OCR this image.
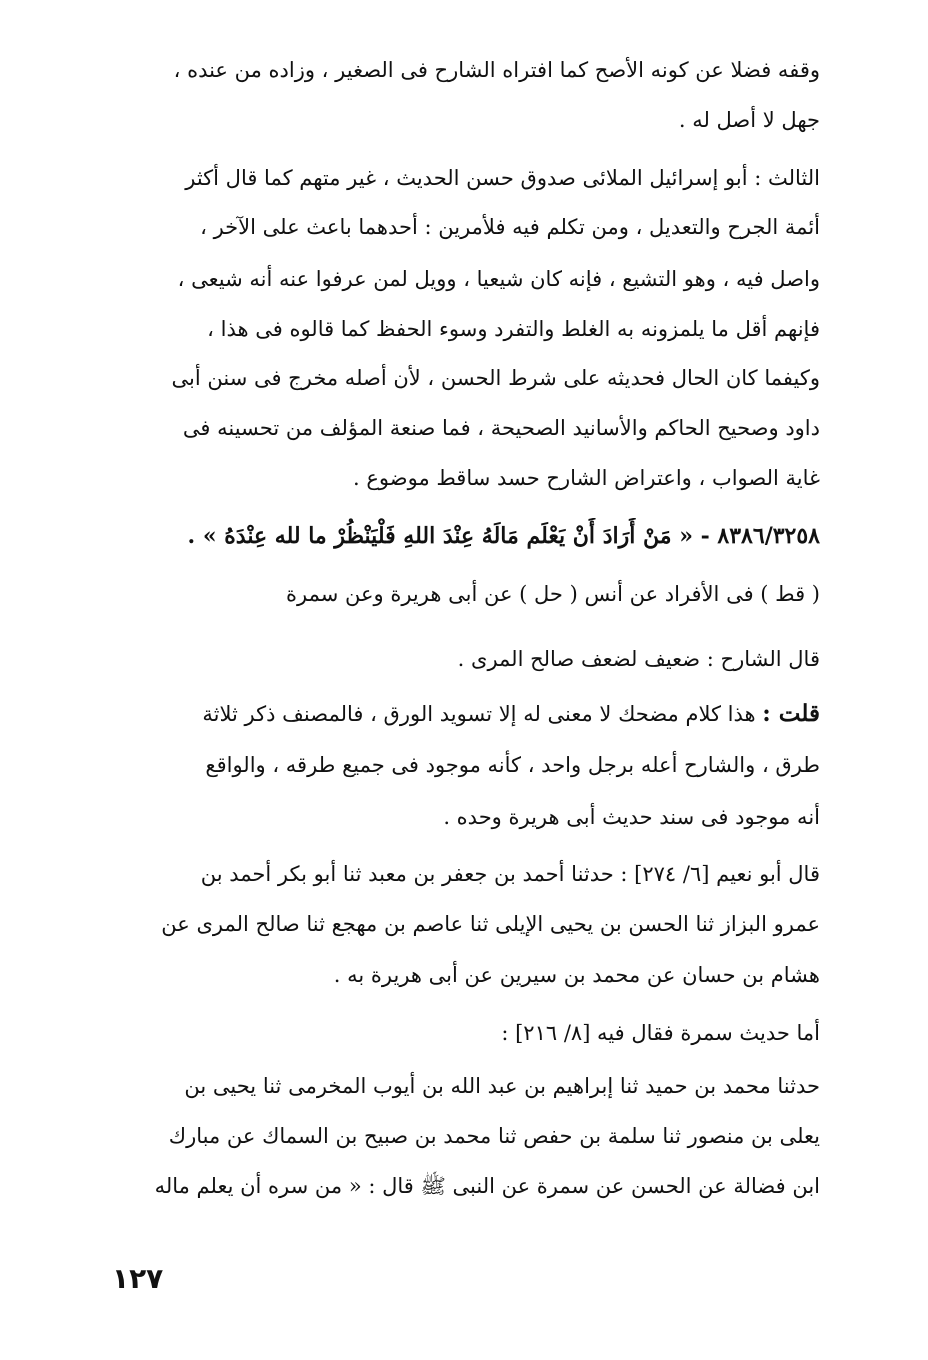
وقفه فضلا عن كونه الأصح كما افتراه الشارح فى الصغير ، وزاده من عنده ،
جهل لا أصل له .
الثالث : أبو إسرائيل الملائى صدوق حسن الحديث ، غير متهم كما قال أكثر
أئمة الجرح والتعديل ، ومن تكلم فيه فلأمرين : أحدهما باعث على الآخر ،
واصل فيه ، وهو التشيع ، فإنه كان شيعيا ، وويل لمن عرفوا عنه أنه شيعى ،
فإنهم أقل ما يلمزونه به الغلط والتفرد وسوء الحفظ كما قالوه فى هذا ،
وكيفما كان الحال فحديثه على شرط الحسن ، لأن أصله مخرج فى سنن أبى
داود وصحيح الحاكم والأسانيد الصحيحة ، فما صنعة المؤلف من تحسينه فى
غاية الصواب ، واعتراض الشارح حسد ساقط موضوع .
٨٣٨٦/٣٢٥٨ - « مَنْ أَرَادَ أَنْ يَعْلَم مَالَهُ عِنْدَ اللهِ فَلْيَنْظُرْ ما لله عِنْدَهُ » .
( قط ) فى الأفراد عن أنس ( حل ) عن أبى هريرة وعن سمرة
قال الشارح : ضعيف لضعف صالح المرى .
قلت : هذا كلام مضحك لا معنى له إلا تسويد الورق ، فالمصنف ذكر ثلاثة
طرق ، والشارح أعله برجل واحد ، كأنه موجود فى جميع طرقه ، والواقع
أنه موجود فى سند حديث أبى هريرة وحده .
قال أبو نعيم [٦/ ٢٧٤] : حدثنا أحمد بن جعفر بن معبد ثنا أبو بكر أحمد بن
عمرو البزاز ثنا الحسن بن يحيى الإيلى ثنا عاصم بن مهجع ثنا صالح المرى عن
هشام بن حسان عن محمد بن سيرين عن أبى هريرة به .
أما حديث سمرة فقال فيه [٨/ ٢١٦] :
حدثنا محمد بن حميد ثنا إبراهيم بن عبد الله بن أيوب المخرمى ثنا يحيى بن
يعلى بن منصور ثنا سلمة بن حفص ثنا محمد بن صبيح بن السماك عن مبارك
ابن فضالة عن الحسن عن سمرة عن النبى ﷺ قال : « من سره أن يعلم ماله
١٢٧
